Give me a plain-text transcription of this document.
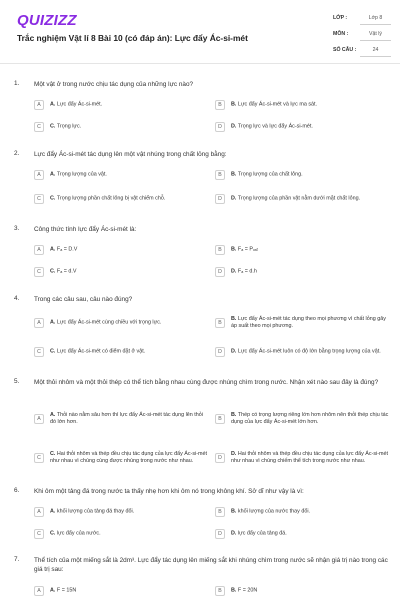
QUIZIZZ
Trắc nghiệm Vật lí 8 Bài 10 (có đáp án): Lực đẩy Ác-si-mét
LỚP :	Lớp 8
MÔN :	Vật lý
SỐ CÂU :	24
1. Một vật ở trong nước chịu tác dụng của những lực nào?
A	A. Lực đẩy Ác-si-mét.	B	B. Lực đẩy Ác-si-mét và lực ma sát.
C	C. Trọng lực.	D	D. Trọng lực và lực đẩy Ác-si-mét.
2. Lực đẩy Ác-si-mét tác dụng lên một vật nhúng trong chất lỏng bằng:
A	A. Trọng lượng của vật.	B	B. Trọng lượng của chất lỏng.
C	C. Trọng lượng phần chất lỏng bị vật chiếm chỗ.	D	D. Trọng lượng của phần vật nằm dưới mặt chất lỏng.
3. Công thức tính lực đẩy Ác-si-mét là:
A	A. Fₐ = D.V	B	B. Fₐ = Pᵥₐₜ
C	C. Fₐ = d.V	D	D. Fₐ = d.h
4. Trong các câu sau, câu nào đúng?
A	A. Lực đẩy Ác-si-mét cùng chiều với trọng lực.	B
B. Lực đẩy Ác-si-mét tác dụng theo mọi phương vì chất lỏng gây áp suất theo mọi phương.
C	C. Lực đẩy Ác-si-mét có điểm đặt ở vật.	D	D. Lực đẩy Ác-si-mét luôn có độ lớn bằng trọng lượng của vật.
5. Một thỏi nhôm và một thỏi thép có thể tích bằng nhau cùng được nhúng chìm trong nước. Nhận xét nào sau đây là đúng?
A
A. Thỏi nào nằm sâu hơn thì lực đẩy Ác-si-mét tác dụng lên thỏi đó lớn hơn.	B
B. Thép có trọng lượng riêng lớn hơn nhôm nên thỏi thép chịu tác dụng của lực đẩy Ác-si-mét lớn hơn.
C
C. Hai thỏi nhôm và thép đều chịu tác dụng của lực đẩy Ác-si-mét như nhau vì chúng cùng được nhúng trong nước như nhau.	D
D. Hai thỏi nhôm và thép đều chịu tác dụng của lực đẩy Ác-si-mét như nhau vì chúng chiếm thể tích trong nước như nhau.
6. Khi ôm một tảng đá trong nước ta thấy nhẹ hơn khi ôm nó trong không khí. Sở dĩ như vậy là vì:
A	A. khối lượng của tảng đá thay đổi.	B	B. khối lượng của nước thay đổi.
C	C. lực đẩy của nước.	D	D. lực đẩy của tảng đá.
7. Thể tích của một miếng sắt là 2dm³. Lực đẩy tác dụng lên miếng sắt khi nhúng chìm trong nước sẽ nhận giá trị nào trong các giá trị sau:
A	A. F = 15N	B	B. F = 20N
